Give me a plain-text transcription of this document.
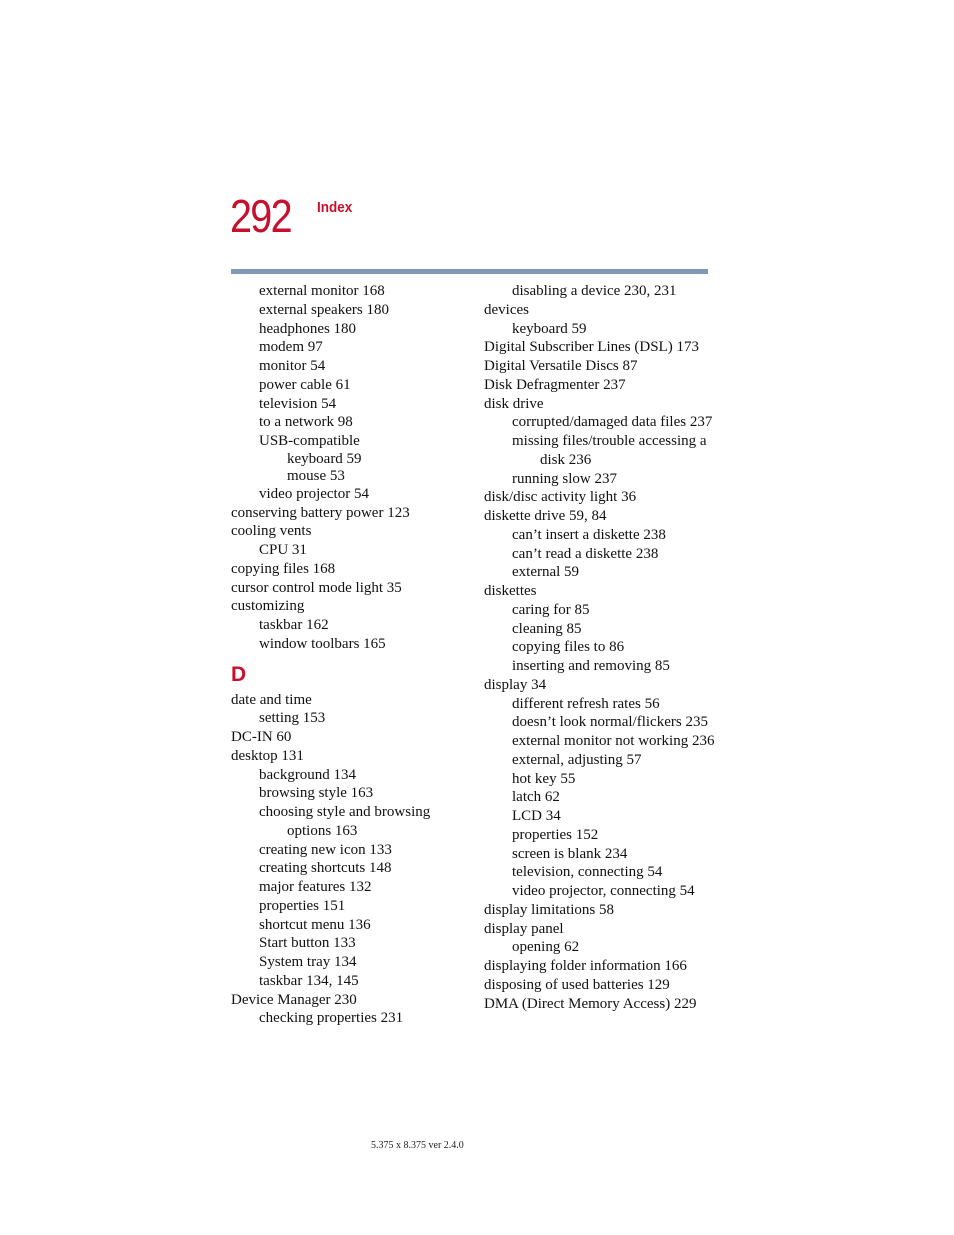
292 Index
external monitor 168
external speakers 180
headphones 180
modem 97
monitor 54
power cable 61
television 54
to a network 98
USB-compatible
keyboard 59
mouse 53
video projector 54
conserving battery power 123
cooling vents
CPU 31
copying files 168
cursor control mode light 35
customizing
taskbar 162
window toolbars 165
D
date and time
setting 153
DC-IN 60
desktop 131
background 134
browsing style 163
choosing style and browsing
options 163
creating new icon 133
creating shortcuts 148
major features 132
properties 151
shortcut menu 136
Start button 133
System tray 134
taskbar 134, 145
Device Manager 230
checking properties 231
disabling a device 230, 231
devices
keyboard 59
Digital Subscriber Lines (DSL) 173
Digital Versatile Discs 87
Disk Defragmenter 237
disk drive
corrupted/damaged data files 237
missing files/trouble accessing a
disk 236
running slow 237
disk/disc activity light 36
diskette drive 59, 84
can’t insert a diskette 238
can’t read a diskette 238
external 59
diskettes
caring for 85
cleaning 85
copying files to 86
inserting and removing 85
display 34
different refresh rates 56
doesn’t look normal/flickers 235
external monitor not working 236
external, adjusting 57
hot key 55
latch 62
LCD 34
properties 152
screen is blank 234
television, connecting 54
video projector, connecting 54
display limitations 58
display panel
opening 62
displaying folder information 166
disposing of used batteries 129
DMA (Direct Memory Access) 229
5.375 x 8.375 ver 2.4.0
